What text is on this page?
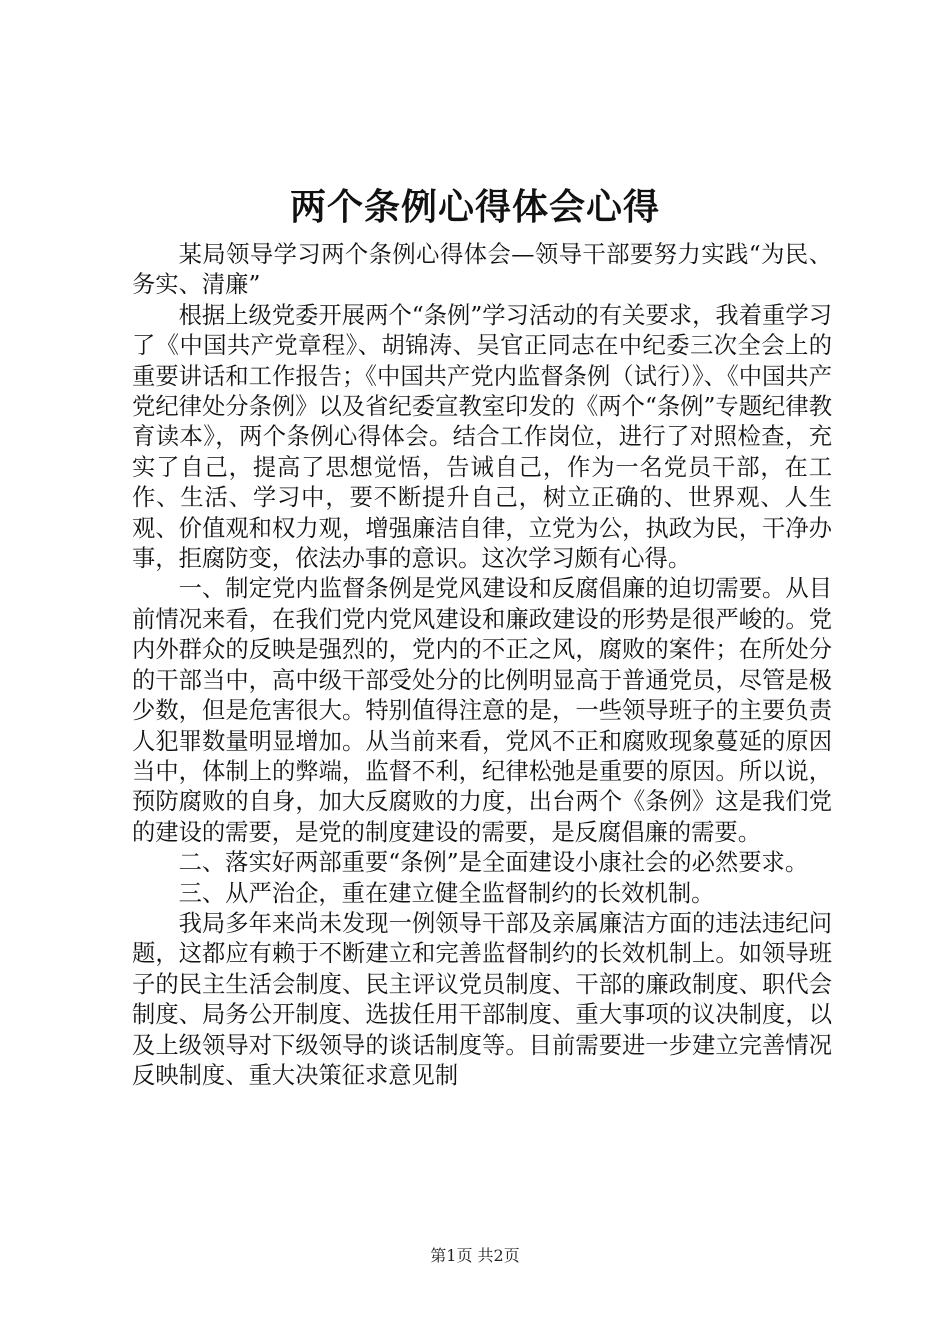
两个条例心得体会心得

某局领导学习两个条例心得体会—领导干部要努力实践“为民、务实、清廉”

根据上级党委开展两个“条例”学习活动的有关要求，我着重学习了《中国共产党章程》、胡锦涛、吴官正同志在中纪委三次全会上的重要讲话和工作报告；《中国共产党内监督条例（试行）》、《中国共产党纪律处分条例》以及省纪委宣教室印发的《两个“条例”专题纪律教育读本》，两个条例心得体会。结合工作岗位，进行了对照检查，充实了自己，提高了思想觉悟，告诫自己，作为一名党员干部，在工作、生活、学习中，要不断提升自己，树立正确的、世界观、人生观、价值观和权力观，增强廉洁自律，立党为公，执政为民，干净办事，拒腐防变，依法办事的意识。这次学习颇有心得。

一、制定党内监督条例是党风建设和反腐倡廉的迫切需要。从目前情况来看，在我们党内党风建设和廉政建设的形势是很严峻的。党内外群众的反映是强烈的，党内的不正之风，腐败的案件；在所处分的干部当中，高中级干部受处分的比例明显高于普通党员，尽管是极少数，但是危害很大。特别值得注意的是，一些领导班子的主要负责人犯罪数量明显增加。从当前来看，党风不正和腐败现象蔓延的原因当中，体制上的弊端，监督不利，纪律松弛是重要的原因。所以说，预防腐败的自身，加大反腐败的力度，出台两个《条例》这是我们党的建设的需要，是党的制度建设的需要，是反腐倡廉的需要。

二、落实好两部重要“条例”是全面建设小康社会的必然要求。

三、从严治企，重在建立健全监督制约的长效机制。

我局多年来尚未发现一例领导干部及亲属廉洁方面的违法违纪问题，这都应有赖于不断建立和完善监督制约的长效机制上。如领导班子的民主生活会制度、民主评议党员制度、干部的廉政制度、职代会制度、局务公开制度、选拔任用干部制度、重大事项的议决制度，以及上级领导对下级领导的谈话制度等。目前需要进一步建立完善情况反映制度、重大决策征求意见制

第1页 共2页
